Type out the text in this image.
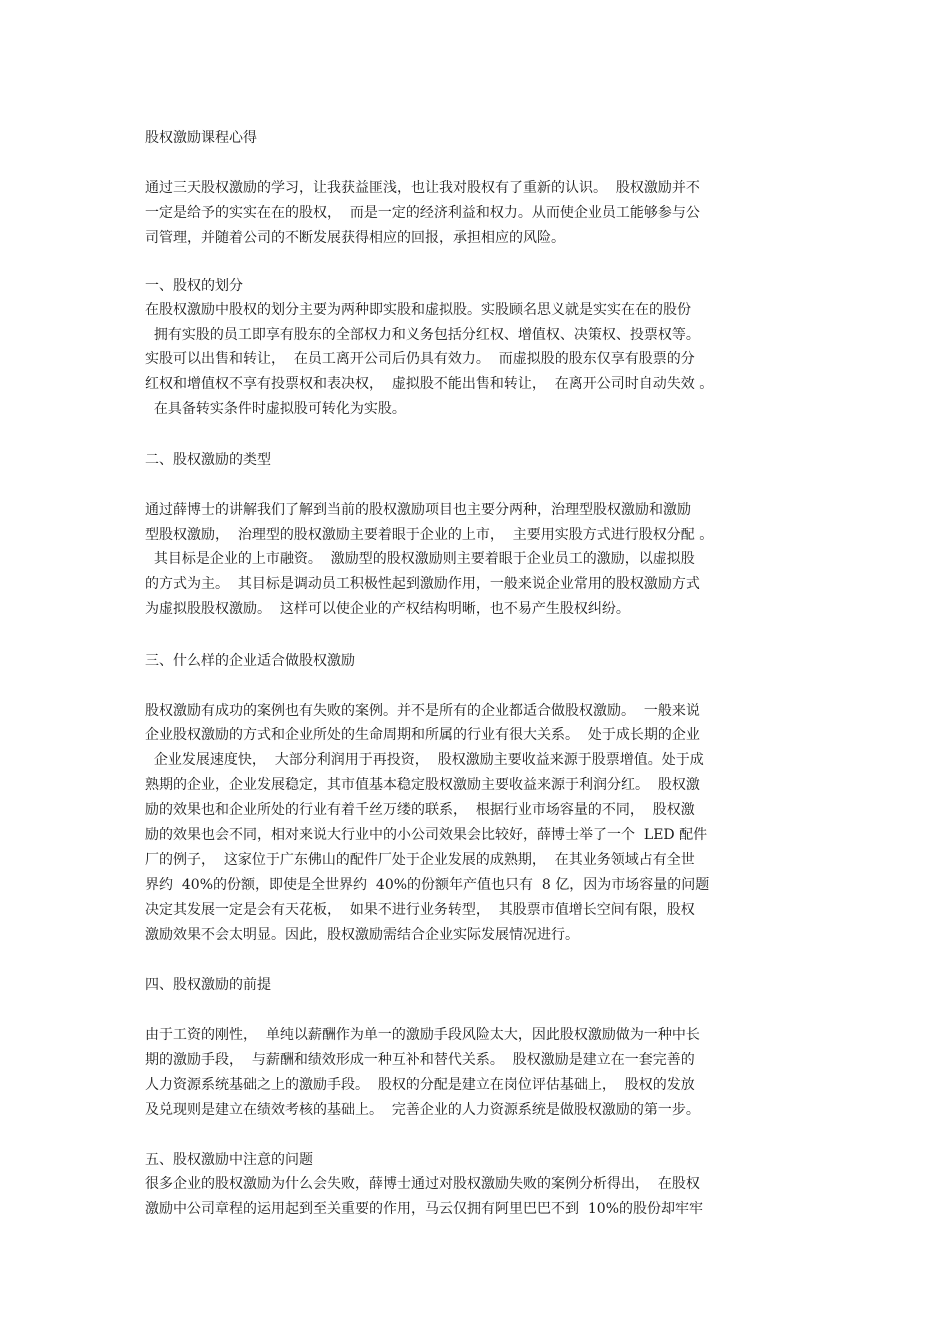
股权激励课程心得

通过三天股权激励的学习，让我获益匪浅，也让我对股权有了重新的认识。  股权激励并不

一定是给予的实实在在的股权，  而是一定的经济利益和权力。从而使企业员工能够参与公

司管理，并随着公司的不断发展获得相应的回报，承担相应的风险。

一、股权的划分

在股权激励中股权的划分主要为两种即实股和虚拟股。实股顾名思义就是实实在在的股份

拥有实股的员工即享有股东的全部权力和义务包括分红权、增值权、决策权、投票权等。

实股可以出售和转让，  在员工离开公司后仍具有效力。  而虚拟股的股东仅享有股票的分

红权和增值权不享有投票权和表决权，  虚拟股不能出售和转让，  在离开公司时自动失效 。

在具备转实条件时虚拟股可转化为实股。

二、股权激励的类型

通过薛博士的讲解我们了解到当前的股权激励项目也主要分两种，治理型股权激励和激励

型股权激励，  治理型的股权激励主要着眼于企业的上市，  主要用实股方式进行股权分配 。

其目标是企业的上市融资。  激励型的股权激励则主要着眼于企业员工的激励，以虚拟股

的方式为主。  其目标是调动员工积极性起到激励作用，一般来说企业常用的股权激励方式

为虚拟股股权激励。  这样可以使企业的产权结构明晰，也不易产生股权纠纷。

三、什么样的企业适合做股权激励

股权激励有成功的案例也有失败的案例。并不是所有的企业都适合做股权激励。  一般来说

企业股权激励的方式和企业所处的生命周期和所属的行业有很大关系。  处于成长期的企业

企业发展速度快，  大部分利润用于再投资，  股权激励主要收益来源于股票增值。处于成

熟期的企业，企业发展稳定，其市值基本稳定股权激励主要收益来源于利润分红。  股权激

励的效果也和企业所处的行业有着千丝万缕的联系，  根据行业市场容量的不同，  股权激

励的效果也会不同，相对来说大行业中的小公司效果会比较好，薛博士举了一个  LED 配件

厂的例子，  这家位于广东佛山的配件厂处于企业发展的成熟期，  在其业务领域占有全世

界约  40%的份额，即使是全世界约  40%的份额年产值也只有  8 亿，因为市场容量的问题

决定其发展一定是会有天花板，  如果不进行业务转型，  其股票市值增长空间有限，股权

激励效果不会太明显。因此，股权激励需结合企业实际发展情况进行。

四、股权激励的前提

由于工资的刚性，  单纯以薪酬作为单一的激励手段风险太大，因此股权激励做为一种中长

期的激励手段，  与薪酬和绩效形成一种互补和替代关系。  股权激励是建立在一套完善的

人力资源系统基础之上的激励手段。  股权的分配是建立在岗位评估基础上，  股权的发放

及兑现则是建立在绩效考核的基础上。  完善企业的人力资源系统是做股权激励的第一步。

五、股权激励中注意的问题

很多企业的股权激励为什么会失败，薛博士通过对股权激励失败的案例分析得出，  在股权

激励中公司章程的运用起到至关重要的作用，马云仅拥有阿里巴巴不到  10%的股份却牢牢
